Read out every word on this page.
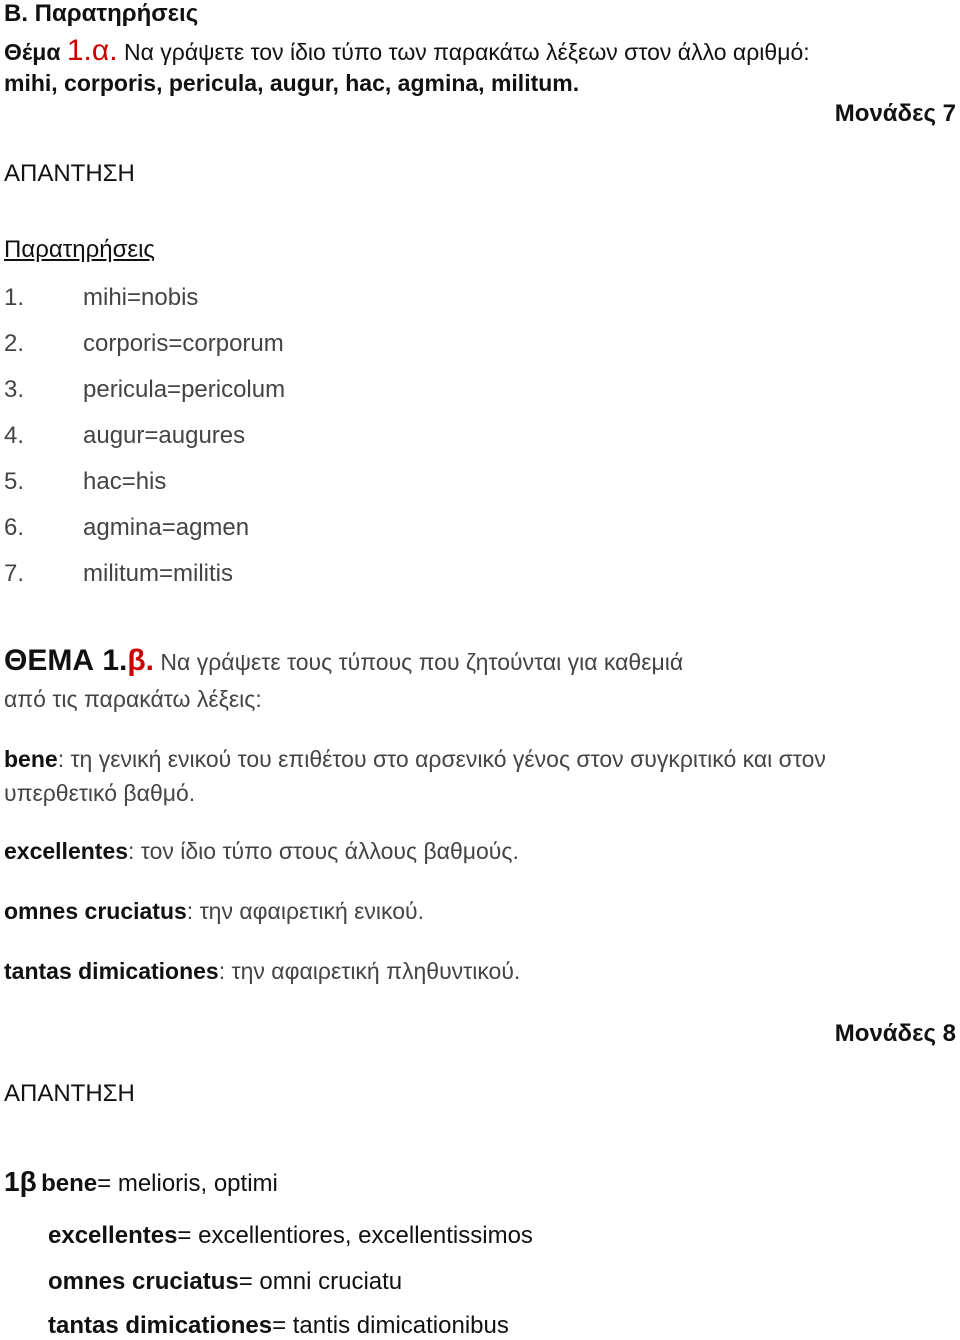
Β. Παρατηρήσεις
Θέμα 1.α. Να γράψετε τον ίδιο τύπο των παρακάτω λέξεων στον άλλο αριθμό:
mihi, corporis, pericula, augur, hac, agmina, militum.
Μονάδες 7
ΑΠΑΝΤΗΣΗ
Παρατηρήσεις
1. mihi=nobis
2. corporis=corporum
3. pericula=pericolum
4. augur=augures
5. hac=his
6. agmina=agmen
7. militum=militis
ΘΕΜΑ 1.β. Να γράψετε τους τύπους που ζητούνται για καθεμιά
από τις παρακάτω λέξεις:
bene: τη γενική ενικού του επιθέτου στο αρσενικό γένος στον συγκριτικό και στον
υπερθετικό βαθμό.
excellentes: τον ίδιο τύπο στους άλλους βαθμούς.
omnes cruciatus: την αφαιρετική ενικού.
tantas dimicationes: την αφαιρετική πληθυντικού.
Μονάδες 8
ΑΠΑΝΤΗΣΗ
1β bene= melioris, optimi
excellentes= excellentiores, excellentissimos
omnes cruciatus= omni cruciatu
tantas dimicationes= tantis dimicationibus
